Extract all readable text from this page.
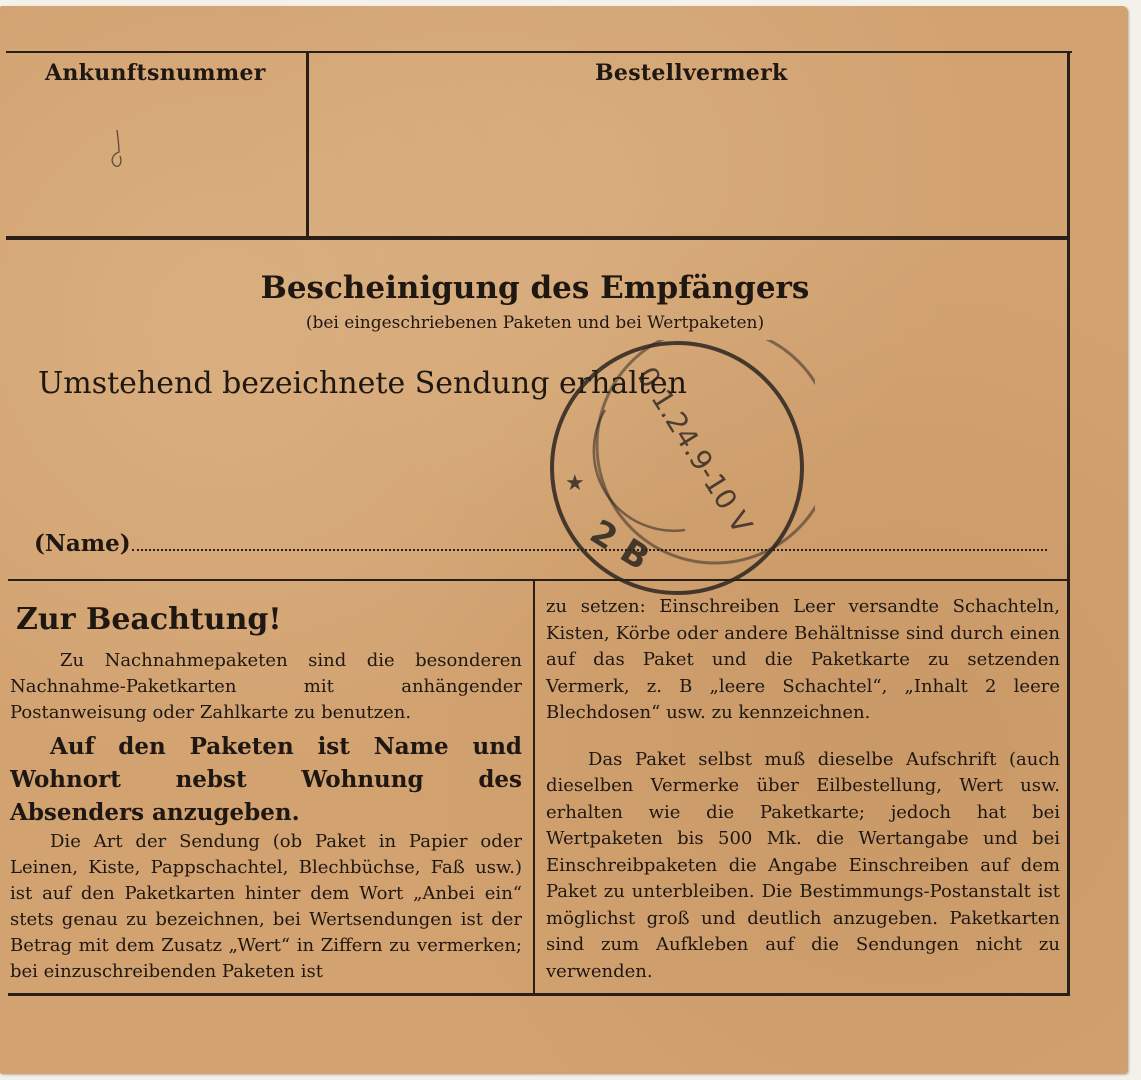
Ankunftsnummer	Bestellvermerk
Bescheinigung des Empfängers
(bei eingeschriebenen Paketen und bei Wertpaketen)
Umstehend bezeichnete Sendung erhalten
(Name)
0 1.24.9-10 V
2 B
★
Zur Beachtung!

Zu Nachnahmepaketen sind die besonderen Nachnahme-Paketkarten mit anhängender Postanweisung oder Zahlkarte zu benutzen.

Auf den Paketen ist Name und Wohnort nebst Wohnung des Absenders anzugeben.

Die Art der Sendung (ob Paket in Papier oder Leinen, Kiste, Pappschachtel, Blechbüchse, Faß usw.) ist auf den Paketkarten hinter dem Wort „Anbei ein“ stets genau zu bezeichnen, bei Wertsendungen ist der Betrag mit dem Zusatz „Wert“ in Ziffern zu vermerken; bei einzuschreibenden Paketen ist

zu setzen: Einschreiben Leer versandte Schachteln, Kisten, Körbe oder andere Behältnisse sind durch einen auf das Paket und die Paketkarte zu setzenden Vermerk, z. B „leere Schachtel“, „Inhalt 2 leere Blechdosen“ usw. zu kennzeichnen.

Das Paket selbst muß dieselbe Aufschrift (auch dieselben Vermerke über Eilbestellung, Wert usw. erhalten wie die Paketkarte; jedoch hat bei Wertpaketen bis 500 Mk. die Wertangabe und bei Einschreibpaketen die Angabe Einschreiben auf dem Paket zu unterbleiben. Die Bestimmungs-Postanstalt ist möglichst groß und deutlich anzugeben. Paketkarten sind zum Aufkleben auf die Sendungen nicht zu verwenden.
